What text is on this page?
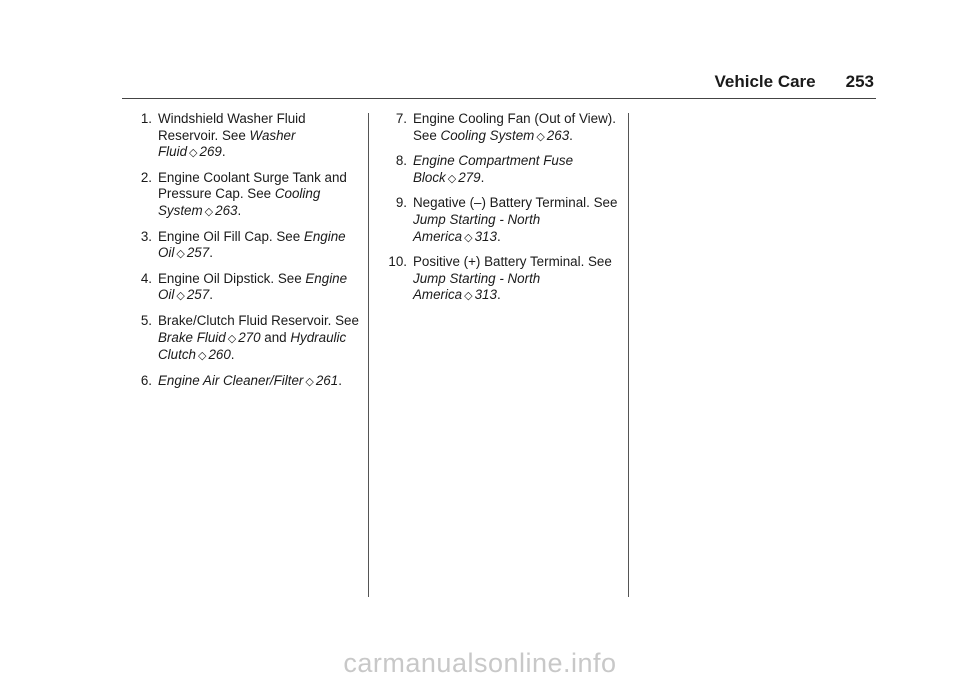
Vehicle Care 253
1. Windshield Washer Fluid Reservoir. See Washer Fluid ◇ 269.
2. Engine Coolant Surge Tank and Pressure Cap. See Cooling System ◇ 263.
3. Engine Oil Fill Cap. See Engine Oil ◇ 257.
4. Engine Oil Dipstick. See Engine Oil ◇ 257.
5. Brake/Clutch Fluid Reservoir. See Brake Fluid ◇ 270 and Hydraulic Clutch ◇ 260.
6. Engine Air Cleaner/Filter ◇ 261.
7. Engine Cooling Fan (Out of View). See Cooling System ◇ 263.
8. Engine Compartment Fuse Block ◇ 279.
9. Negative (–) Battery Terminal. See Jump Starting - North America ◇ 313.
10. Positive (+) Battery Terminal. See Jump Starting - North America ◇ 313.
carmanualsonline.info
